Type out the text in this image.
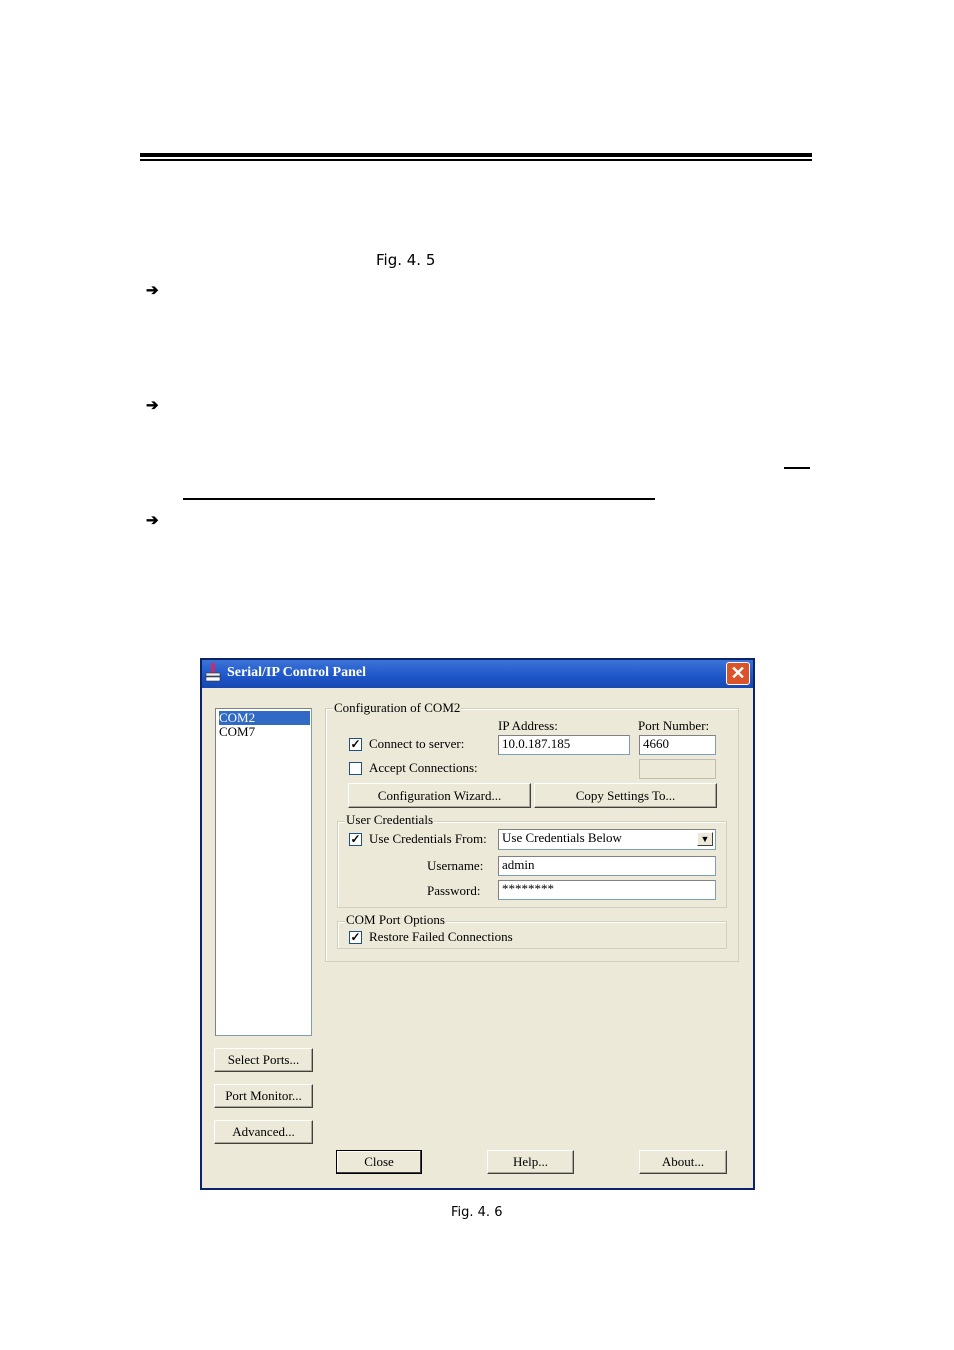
Fig. 4. 5
➔
➔
➔
Serial/IP Control Panel	✕
COM2
COM7
Select Ports...
Port Monitor...
Advanced...
Configuration of COM2
IP Address:	Port Number:
✓ Connect to server:	10.0.187.185	4660
Accept Connections:
Configuration Wizard...	Copy Settings To...
User Credentials
✓ Use Credentials From:	Use Credentials Below	▼
Username:	admin
Password:	********
COM Port Options
✓ Restore Failed Connections
Close	Help...	About...
Fig. 4. 6
